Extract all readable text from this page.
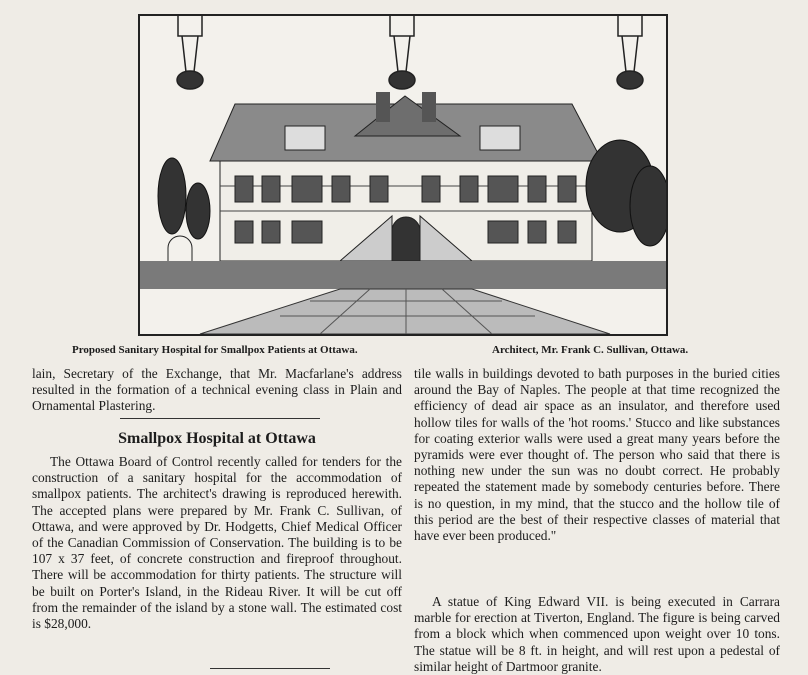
Proposed Sanitary Hospital for Smallpox Patients at Ottawa.	Architect, Mr. Frank C. Sullivan, Ottawa.

lain, Secretary of the Exchange, that Mr. Macfarlane's address resulted in the formation of a technical evening class in Plain and Ornamental Plastering.

Smallpox Hospital at Ottawa

The Ottawa Board of Control recently called for tenders for the construction of a sanitary hospital for the accommodation of smallpox patients. The architect's drawing is reproduced herewith. The accepted plans were prepared by Mr. Frank C. Sullivan, of Ottawa, and were approved by Dr. Hodgetts, Chief Medical Officer of the Canadian Commission of Conservation. The building is to be 107 x 37 feet, of concrete construction and fireproof throughout. There will be accommodation for thirty patients. The structure will be built on Porter's Island, in the Rideau River. It will be cut off from the remainder of the island by a stone wall. The estimated cost is $28,000.

tile walls in buildings devoted to bath purposes in the buried cities around the Bay of Naples. The people at that time recognized the efficiency of dead air space as an insulator, and therefore used hollow tiles for walls of the 'hot rooms.' Stucco and like substances for coating exterior walls were used a great many years before the pyramids were ever thought of. The person who said that there is nothing new under the sun was no doubt correct. He probably repeated the statement made by somebody centuries before. There is no question, in my mind, that the stucco and the hollow tile of this period are the best of their respective classes of material that have ever been produced."

A statue of King Edward VII. is being executed in Carrara marble for erection at Tiverton, England. The figure is being carved from a block which when commenced upon weight over 10 tons. The statue will be 8 ft. in height, and will rest upon a pedestal of similar height of Dartmoor granite.
